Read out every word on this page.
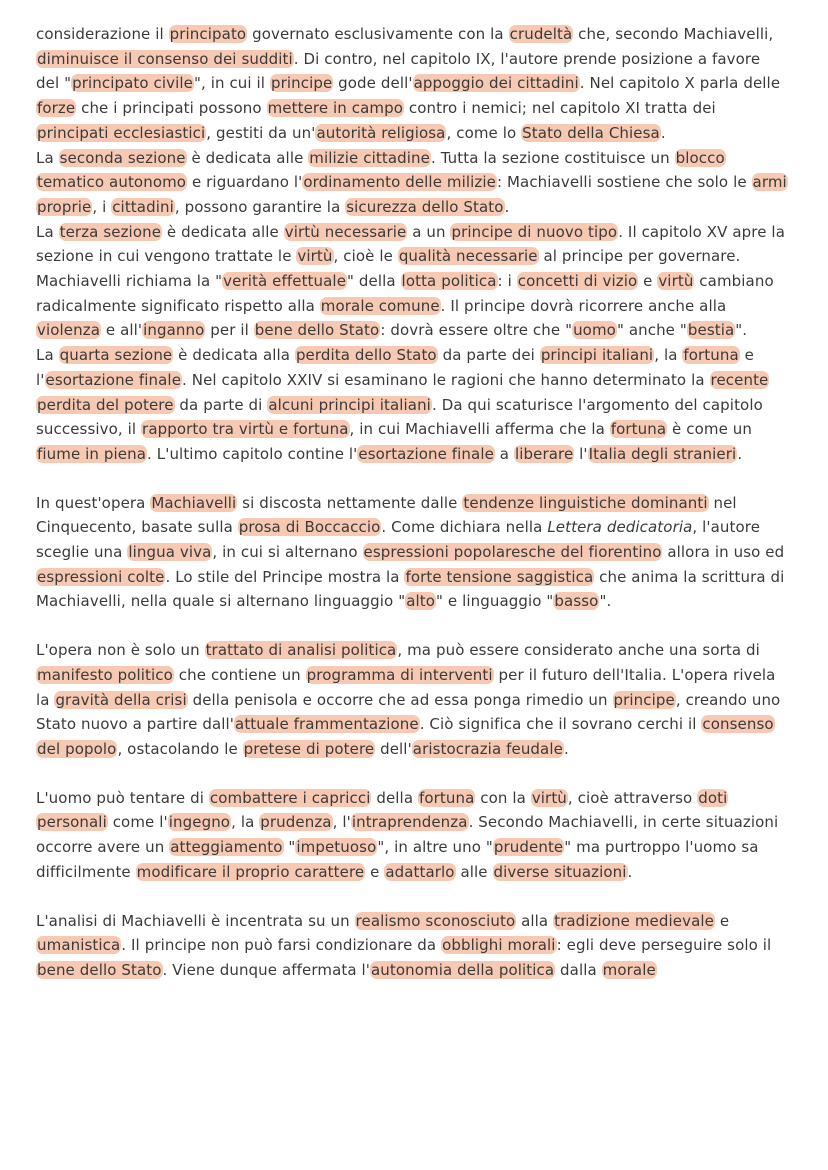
considerazione il principato governato esclusivamente con la crudeltà che, secondo Machiavelli, diminuisce il consenso dei sudditi. Di contro, nel capitolo IX, l'autore prende posizione a favore del "principato civile", in cui il principe gode dell'appoggio dei cittadini. Nel capitolo X parla delle forze che i principati possono mettere in campo contro i nemici; nel capitolo XI tratta dei principati ecclesiastici, gestiti da un'autorità religiosa, come lo Stato della Chiesa.

La seconda sezione è dedicata alle milizie cittadine. Tutta la sezione costituisce un blocco tematico autonomo e riguardano l'ordinamento delle milizie: Machiavelli sostiene che solo le armi proprie, i cittadini, possono garantire la sicurezza dello Stato.

La terza sezione è dedicata alle virtù necessarie a un principe di nuovo tipo. Il capitolo XV apre la sezione in cui vengono trattate le virtù, cioè le qualità necessarie al principe per governare. Machiavelli richiama la "verità effettuale" della lotta politica: i concetti di vizio e virtù cambiano radicalmente significato rispetto alla morale comune. Il principe dovrà ricorrere anche alla violenza e all'inganno per il bene dello Stato: dovrà essere oltre che "uomo" anche "bestia".

La quarta sezione è dedicata alla perdita dello Stato da parte dei principi italiani, la fortuna e l'esortazione finale. Nel capitolo XXIV si esaminano le ragioni che hanno determinato la recente perdita del potere da parte di alcuni principi italiani. Da qui scaturisce l'argomento del capitolo successivo, il rapporto tra virtù e fortuna, in cui Machiavelli afferma che la fortuna è come un fiume in piena. L'ultimo capitolo contine l'esortazione finale a liberare l'Italia degli stranieri.

In quest'opera Machiavelli si discosta nettamente dalle tendenze linguistiche dominanti nel Cinquecento, basate sulla prosa di Boccaccio. Come dichiara nella Lettera dedicatoria, l'autore sceglie una lingua viva, in cui si alternano espressioni popolaresche del fiorentino allora in uso ed espressioni colte. Lo stile del Principe mostra la forte tensione saggistica che anima la scrittura di Machiavelli, nella quale si alternano linguaggio "alto" e linguaggio "basso".

L'opera non è solo un trattato di analisi politica, ma può essere considerato anche una sorta di manifesto politico che contiene un programma di interventi per il futuro dell'Italia. L'opera rivela la gravità della crisi della penisola e occorre che ad essa ponga rimedio un principe, creando uno Stato nuovo a partire dall'attuale frammentazione. Ciò significa che il sovrano cerchi il consenso del popolo, ostacolando le pretese di potere dell'aristocrazia feudale.

L'uomo può tentare di combattere i capricci della fortuna con la virtù, cioè attraverso doti personali come l'ingegno, la prudenza, l'intraprendenza. Secondo Machiavelli, in certe situazioni occorre avere un atteggiamento "impetuoso", in altre uno "prudente" ma purtroppo l'uomo sa difficilmente modificare il proprio carattere e adattarlo alle diverse situazioni.

L'analisi di Machiavelli è incentrata su un realismo sconosciuto alla tradizione medievale e umanistica. Il principe non può farsi condizionare da obblighi morali: egli deve perseguire solo il bene dello Stato. Viene dunque affermata l'autonomia della politica dalla morale
